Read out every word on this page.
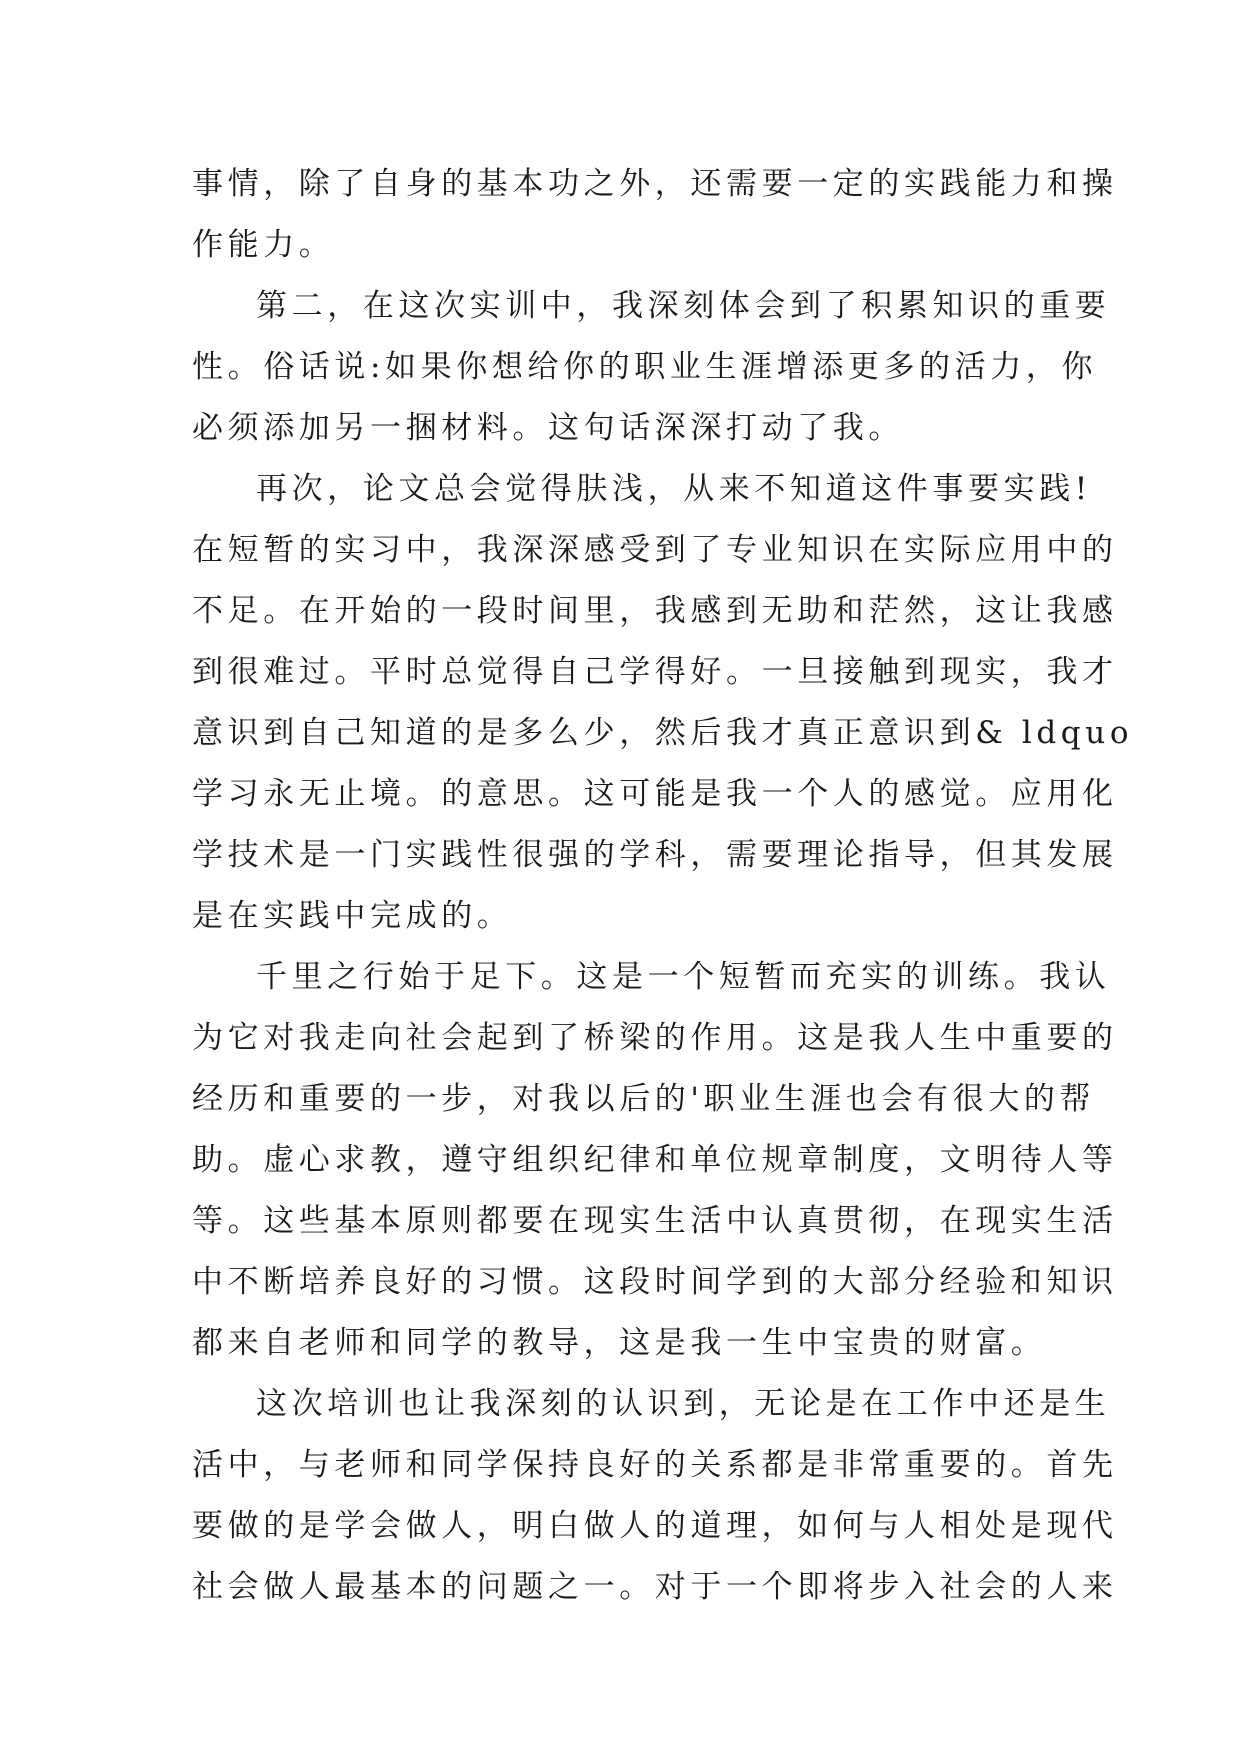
事情，除了自身的基本功之外，还需要一定的实践能力和操
作能力。
第二，在这次实训中，我深刻体会到了积累知识的重要
性。俗话说:如果你想给你的职业生涯增添更多的活力，你
必须添加另一捆材料。这句话深深打动了我。
再次，论文总会觉得肤浅，从来不知道这件事要实践!
在短暂的实习中，我深深感受到了专业知识在实际应用中的
不足。在开始的一段时间里，我感到无助和茫然，这让我感
到很难过。平时总觉得自己学得好。一旦接触到现实，我才
意识到自己知道的是多么少，然后我才真正意识到& ldquo
学习永无止境。的意思。这可能是我一个人的感觉。应用化
学技术是一门实践性很强的学科，需要理论指导，但其发展
是在实践中完成的。
千里之行始于足下。这是一个短暂而充实的训练。我认
为它对我走向社会起到了桥梁的作用。这是我人生中重要的
经历和重要的一步，对我以后的'职业生涯也会有很大的帮
助。虚心求教，遵守组织纪律和单位规章制度，文明待人等
等。这些基本原则都要在现实生活中认真贯彻，在现实生活
中不断培养良好的习惯。这段时间学到的大部分经验和知识
都来自老师和同学的教导，这是我一生中宝贵的财富。
这次培训也让我深刻的认识到，无论是在工作中还是生
活中，与老师和同学保持良好的关系都是非常重要的。首先
要做的是学会做人，明白做人的道理，如何与人相处是现代
社会做人最基本的问题之一。对于一个即将步入社会的人来
